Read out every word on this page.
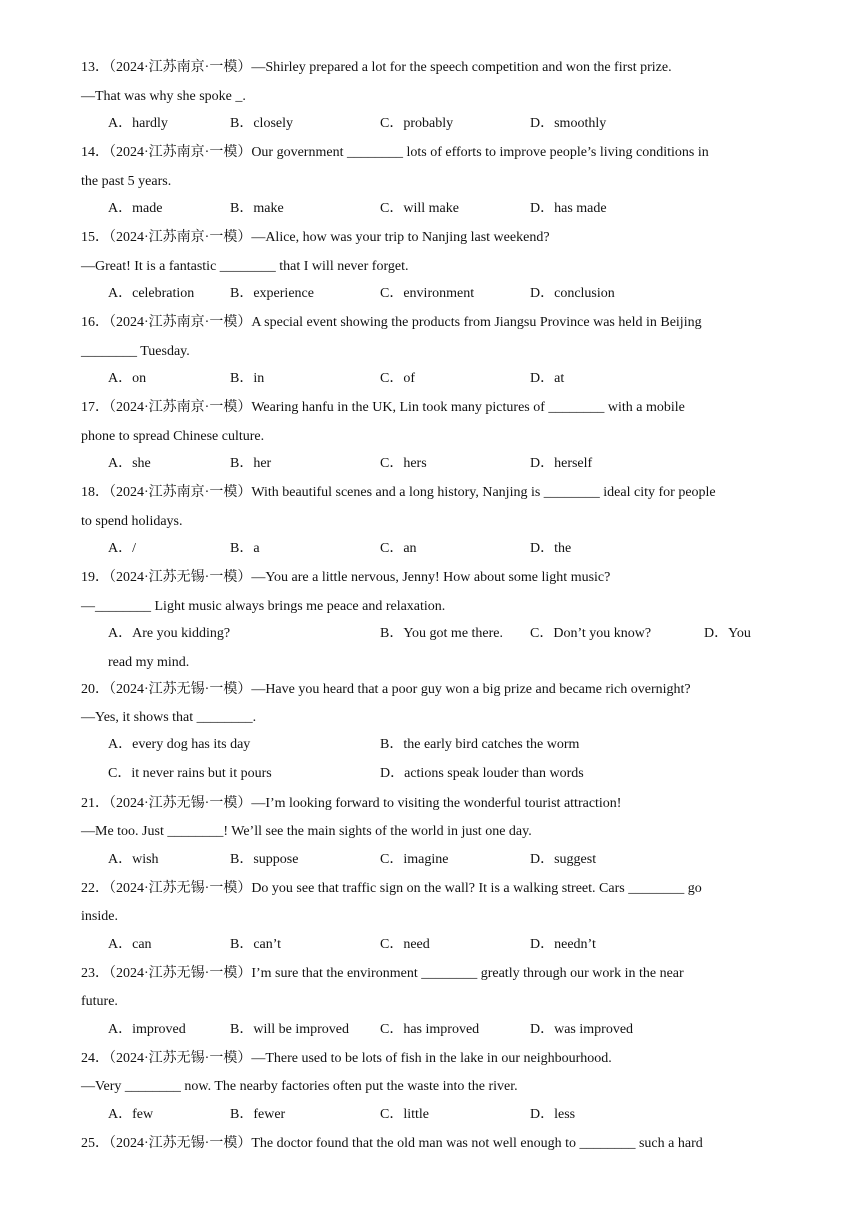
13．（2024·江苏南京·一模）—Shirley prepared a lot for the speech competition and won the first prize.
—That was why she spoke _.
A．hardly	B．closely	C．probably	D．smoothly
14．（2024·江苏南京·一模）Our government ________ lots of efforts to improve people’s living conditions in
the past 5 years.
A．made	B．make	C．will make	D．has made
15．（2024·江苏南京·一模）—Alice, how was your trip to Nanjing last weekend?
—Great! It is a fantastic ________ that I will never forget.
A．celebration	B．experience	C．environment	D．conclusion
16．（2024·江苏南京·一模）A special event showing the products from Jiangsu Province was held in Beijing
________ Tuesday.
A．on	B．in	C．of	D．at
17．（2024·江苏南京·一模）Wearing hanfu in the UK, Lin took many pictures of ________ with a mobile
phone to spread Chinese culture.
A．she	B．her	C．hers	D．herself
18．（2024·江苏南京·一模）With beautiful scenes and a long history, Nanjing is ________ ideal city for people
to spend holidays.
A．/	B．a	C．an	D．the
19．（2024·江苏无锡·一模）—You are a little nervous, Jenny! How about some light music?
—________ Light music always brings me peace and relaxation.
A．Are you kidding?	B．You got me there. C．Don’t you know?	D．You
read my mind.
20．（2024·江苏无锡·一模）—Have you heard that a poor guy won a big prize and became rich overnight?
—Yes, it shows that ________.
A．every dog has its day	B．the early bird catches the worm
C．it never rains but it pours	D．actions speak louder than words
21．（2024·江苏无锡·一模）—I’m looking forward to visiting the wonderful tourist attraction!
—Me too. Just ________! We’ll see the main sights of the world in just one day.
A．wish	B．suppose	C．imagine	D．suggest
22．（2024·江苏无锡·一模）Do you see that traffic sign on the wall? It is a walking street. Cars ________ go
inside.
A．can	B．can’t	C．need	D．needn’t
23．（2024·江苏无锡·一模）I’m sure that the environment ________ greatly through our work in the near
future.
A．improved	B．will be improved C．has improved	D．was improved
24．（2024·江苏无锡·一模）—There used to be lots of fish in the lake in our neighbourhood.
—Very ________ now. The nearby factories often put the waste into the river.
A．few	B．fewer	C．little	D．less
25．（2024·江苏无锡·一模）The doctor found that the old man was not well enough to ________ such a hard
